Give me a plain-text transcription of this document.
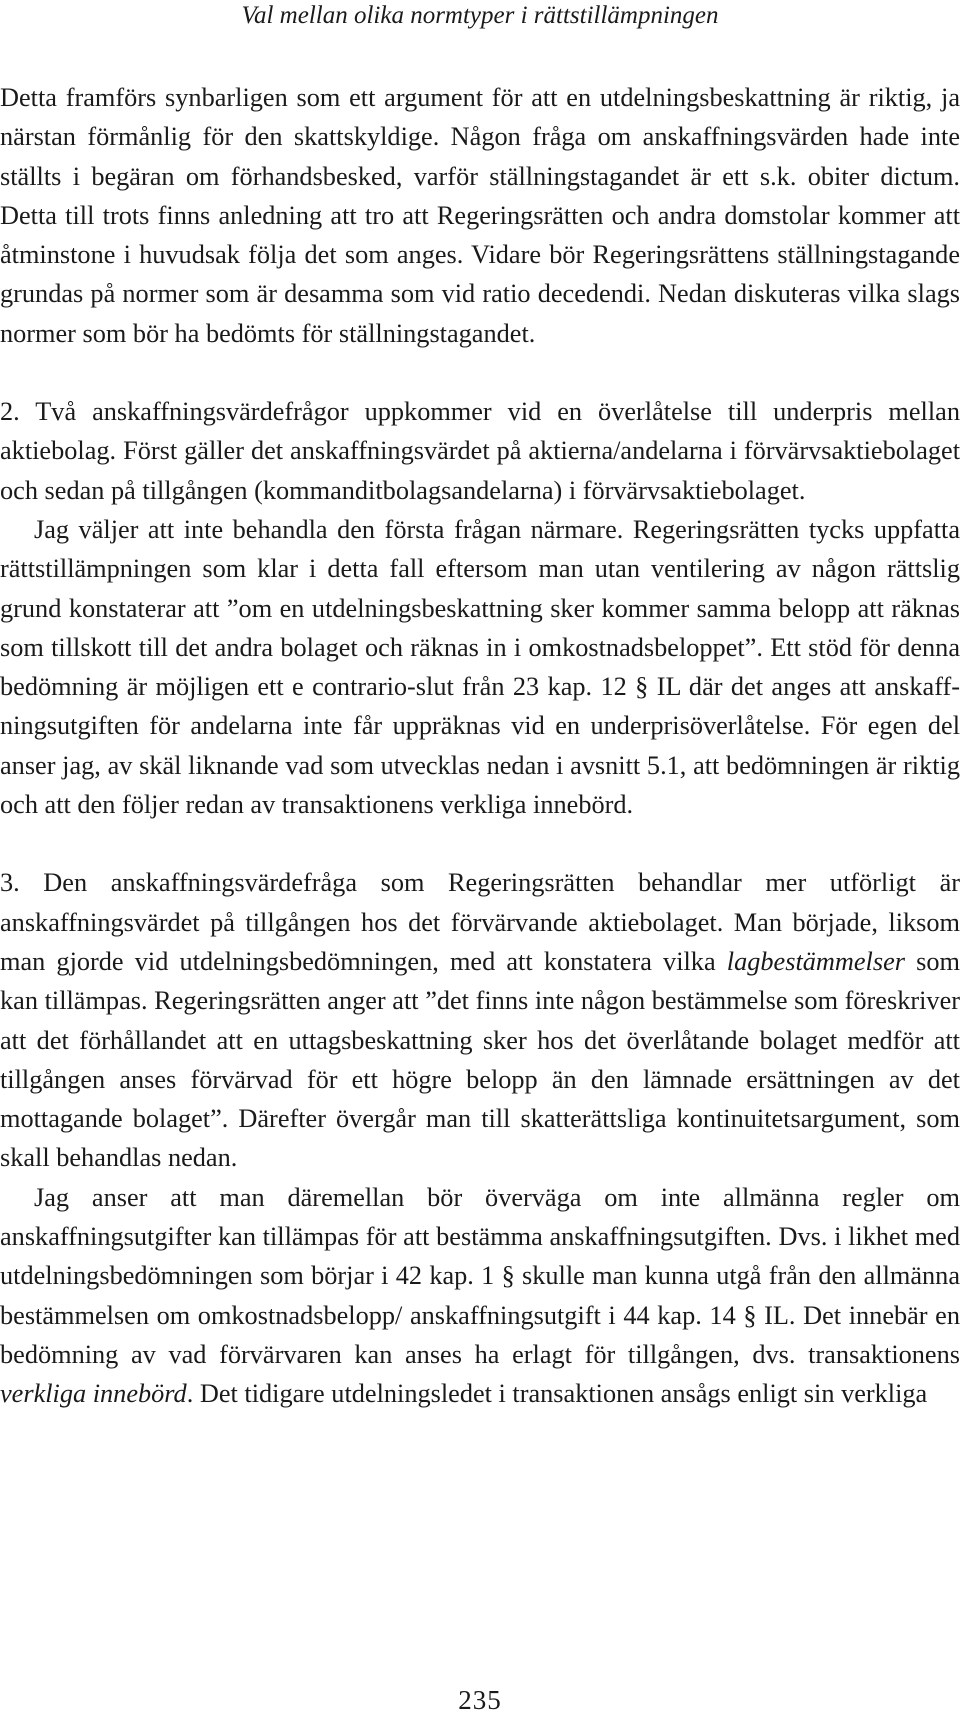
Val mellan olika normtyper i rättstillämpningen

Detta framförs synbarligen som ett argument för att en utdelningsbeskattning är riktig, ja närstan förmånlig för den skattskyldige. Någon fråga om anskaffningsvärden hade inte ställts i begäran om förhandsbesked, varför ställningstagandet är ett s.k. obiter dictum. Detta till trots finns anledning att tro att Regeringsrätten och andra domstolar kommer att åtminstone i huvudsak följa det som anges. Vidare bör Regeringsrättens ställningstagande grundas på normer som är desamma som vid ratio decedendi. Nedan diskuteras vilka slags normer som bör ha bedömts för ställningstagandet.

2. Två anskaffningsvärdefrågor uppkommer vid en överlåtelse till underpris mellan aktiebolag. Först gäller det anskaffningsvärdet på aktierna/andelarna i förvärvsaktiebolaget och sedan på tillgången (kommanditbolagsandelarna) i förvärvsaktiebolaget.

Jag väljer att inte behandla den första frågan närmare. Regeringsrätten tycks uppfatta rättstillämpningen som klar i detta fall eftersom man utan ventilering av någon rättslig grund konstaterar att ”om en utdelningsbeskattning sker kommer samma belopp att räknas som tillskott till det andra bolaget och räknas in i omkostnadsbeloppet”. Ett stöd för denna bedömning är möjligen ett e contrario-slut från 23 kap. 12 § IL där det anges att anskaffningsutgiften för andelarna inte får uppräknas vid en underprisöverlåtelse. För egen del anser jag, av skäl liknande vad som utvecklas nedan i avsnitt 5.1, att bedömningen är riktig och att den följer redan av transaktionens verkliga innebörd.

3. Den anskaffningsvärdefråga som Regeringsrätten behandlar mer utförligt är anskaffningsvärdet på tillgången hos det förvärvande aktiebolaget. Man började, liksom man gjorde vid utdelningsbedömningen, med att konstatera vilka lagbestämmelser som kan tillämpas. Regeringsrätten anger att ”det finns inte någon bestämmelse som föreskriver att det förhållandet att en uttagsbeskattning sker hos det överlåtande bolaget medför att tillgången anses förvärvad för ett högre belopp än den lämnade ersättningen av det mottagande bolaget”. Därefter övergår man till skatterättsliga kontinuitetsargument, som skall behandlas nedan.

Jag anser att man däremellan bör överväga om inte allmänna regler om anskaffningsutgifter kan tillämpas för att bestämma anskaffningsutgiften. Dvs. i likhet med utdelningsbedömningen som börjar i 42 kap. 1 § skulle man kunna utgå från den allmänna bestämmelsen om omkostnadsbelopp/ anskaffningsutgift i 44 kap. 14 § IL. Det innebär en bedömning av vad förvärvaren kan anses ha erlagt för tillgången, dvs. transaktionens verkliga innebörd. Det tidigare utdelningsledet i transaktionen ansågs enligt sin verkliga

235
